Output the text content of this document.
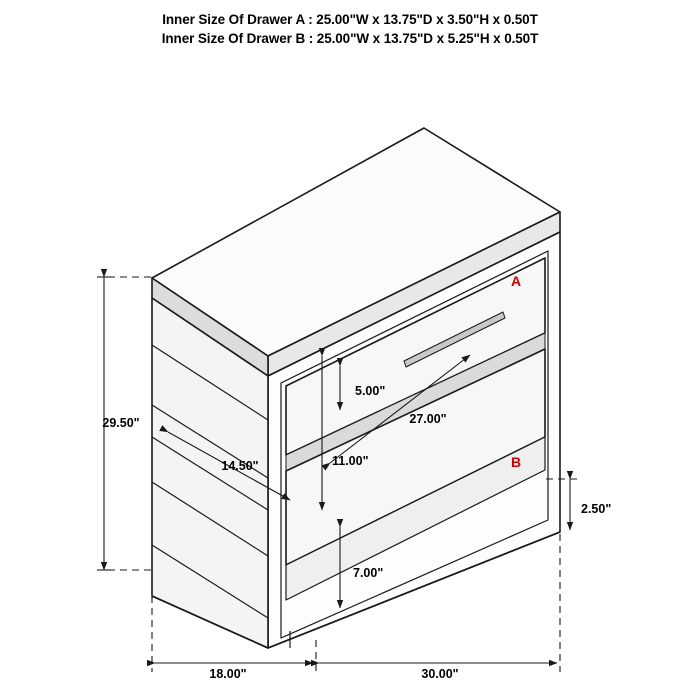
Inner Size Of Drawer A : 25.00"W x 13.75"D x 3.50"H x 0.50T
Inner Size Of Drawer B : 25.00"W x 13.75"D x 5.25"H x 0.50T
A
B
29.50"
14.50"
5.00"
11.00"
7.00"
27.00"
2.50"
18.00"	30.00"
